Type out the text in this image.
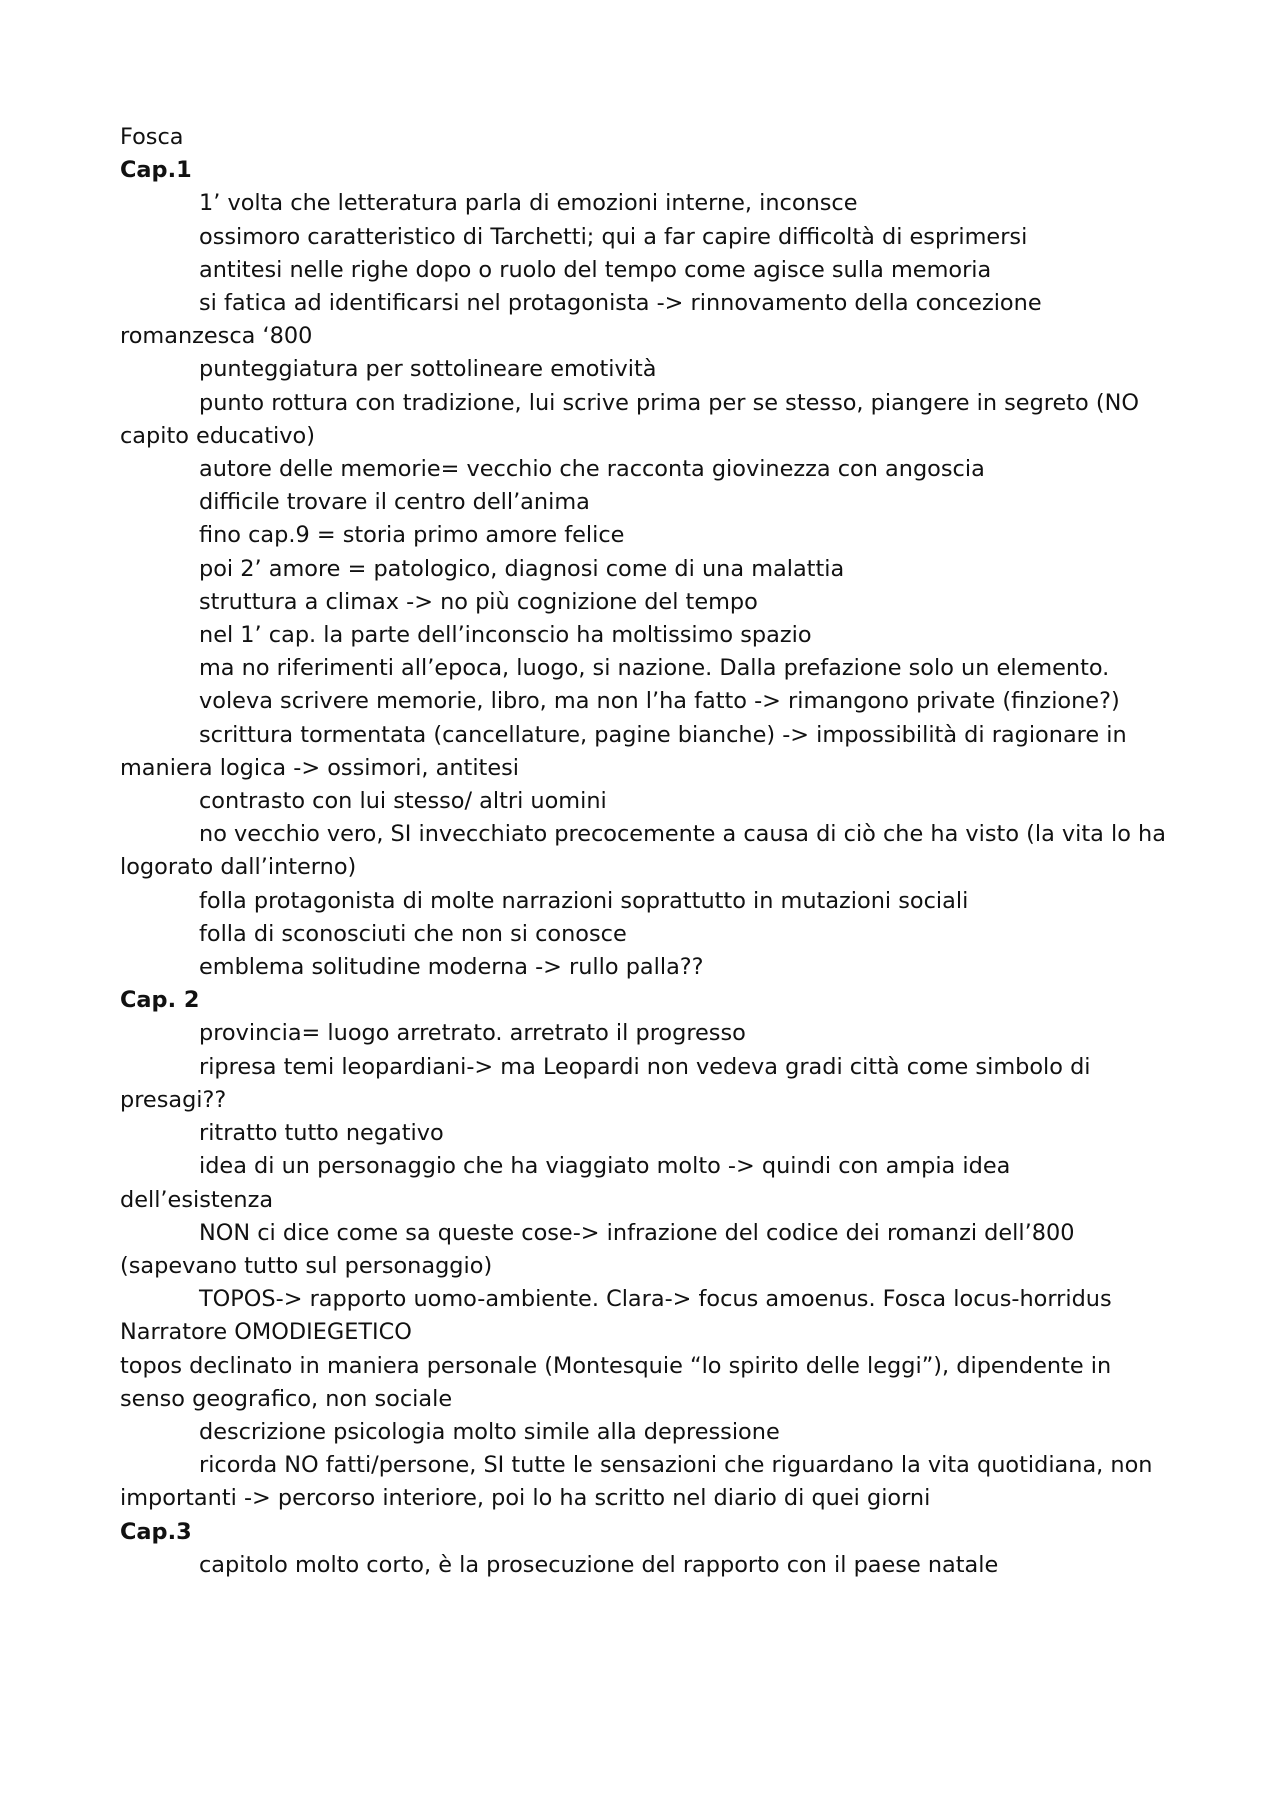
Fosca
Cap.1
1’ volta che letteratura parla di emozioni interne, inconsce
ossimoro caratteristico di Tarchetti; qui a far capire difficoltà di esprimersi
antitesi nelle righe dopo o ruolo del tempo come agisce sulla memoria
si fatica ad identificarsi nel protagonista -> rinnovamento della concezione romanzesca ‘800
punteggiatura per sottolineare emotività
punto rottura con tradizione, lui scrive prima per se stesso, piangere in segreto (NO capito educativo)
autore delle memorie= vecchio che racconta giovinezza con angoscia
difficile trovare il centro dell’anima
fino cap.9 = storia primo amore felice
poi 2’ amore = patologico, diagnosi come di una malattia
struttura a climax -> no più cognizione del tempo
nel 1’ cap. la parte dell’inconscio ha moltissimo spazio
ma no riferimenti all’epoca, luogo, si nazione. Dalla prefazione solo un elemento.
voleva scrivere memorie, libro, ma non l’ha fatto -> rimangono private (finzione?)
scrittura tormentata (cancellature, pagine bianche) -> impossibilità di ragionare in maniera logica -> ossimori, antitesi
contrasto con lui stesso/ altri uomini
no vecchio vero, SI invecchiato precocemente a causa di ciò che ha visto (la vita lo ha logorato dall’interno)
folla protagonista di molte narrazioni soprattutto in mutazioni sociali
folla di sconosciuti che non si conosce
emblema solitudine moderna -> rullo palla??
Cap. 2
provincia= luogo arretrato. arretrato il progresso
ripresa temi leopardiani-> ma Leopardi non vedeva gradi città come simbolo di presagi??
ritratto tutto negativo
idea di un personaggio che ha viaggiato molto -> quindi con ampia idea dell’esistenza
NON ci dice come sa queste cose-> infrazione del codice dei romanzi dell’800 (sapevano tutto sul personaggio)
TOPOS-> rapporto uomo-ambiente. Clara-> focus amoenus. Fosca locus-horridus
Narratore OMODIEGETICO
topos declinato in maniera personale (Montesquie “lo spirito delle leggi”), dipendente in senso geografico, non sociale
descrizione psicologia molto simile alla depressione
ricorda NO fatti/persone, SI tutte le sensazioni che riguardano la vita quotidiana, non importanti -> percorso interiore, poi lo ha scritto nel diario di quei giorni
Cap.3
capitolo molto corto, è la prosecuzione del rapporto con il paese natale
